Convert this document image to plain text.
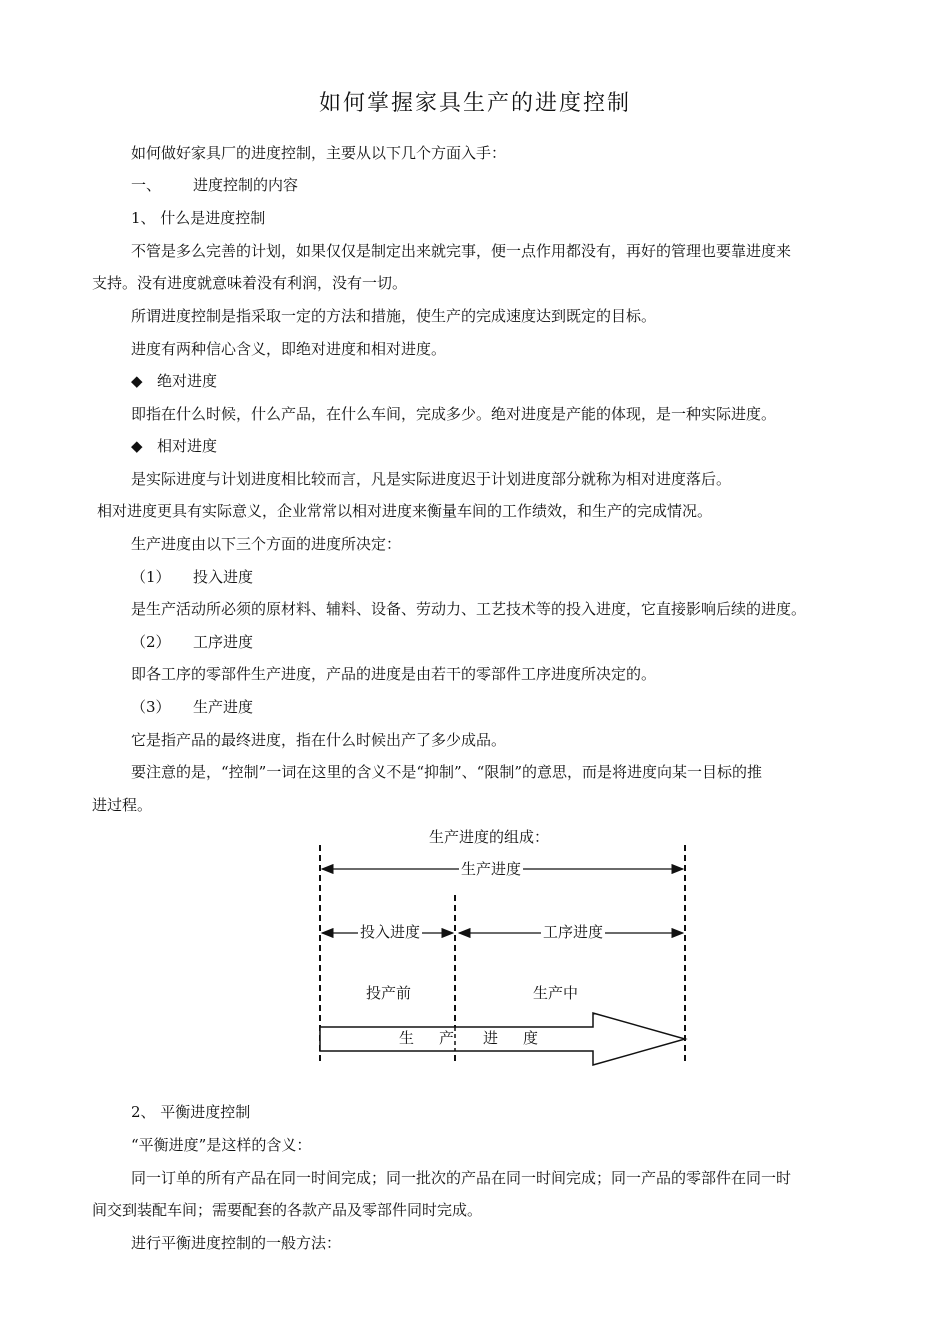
如何掌握家具生产的进度控制
如何做好家具厂的进度控制，主要从以下几个方面入手：
一、 进度控制的内容
1、 什么是进度控制
不管是多么完善的计划，如果仅仅是制定出来就完事，便一点作用都没有，再好的管理也要靠进度来
支持。没有进度就意味着没有利润，没有一切。
所谓进度控制是指采取一定的方法和措施，使生产的完成速度达到既定的目标。
进度有两种信心含义，即绝对进度和相对进度。
◆ 绝对进度
即指在什么时候，什么产品，在什么车间，完成多少。绝对进度是产能的体现，是一种实际进度。
◆ 相对进度
是实际进度与计划进度相比较而言，凡是实际进度迟于计划进度部分就称为相对进度落后。
相对进度更具有实际意义，企业常常以相对进度来衡量车间的工作绩效，和生产的完成情况。
生产进度由以下三个方面的进度所决定：
（1） 投入进度
是生产活动所必须的原材料、辅料、设备、劳动力、工艺技术等的投入进度，它直接影响后续的进度。
（2） 工序进度
即各工序的零部件生产进度，产品的进度是由若干的零部件工序进度所决定的。
（3） 生产进度
它是指产品的最终进度，指在什么时候出产了多少成品。
要注意的是，“控制”一词在这里的含义不是“抑制”、“限制”的意思，而是将进度向某一目标的推
进过程。
生产进度的组成：
生产进度
投入进度	工序进度
投产前	生产中
生 产 进 度
2、 平衡进度控制
“平衡进度”是这样的含义：
同一订单的所有产品在同一时间完成；同一批次的产品在同一时间完成；同一产品的零部件在同一时
间交到装配车间；需要配套的各款产品及零部件同时完成。
进行平衡进度控制的一般方法：
